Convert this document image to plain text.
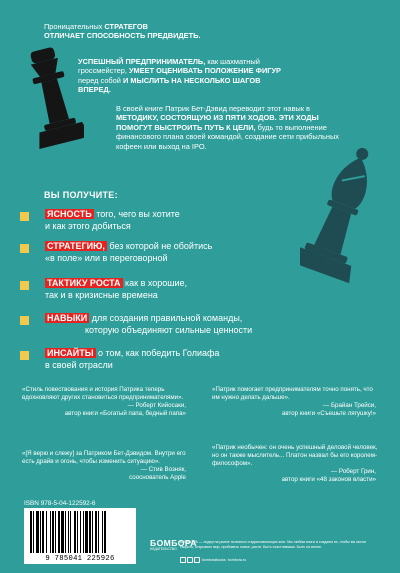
Проницательных СТРАТЕГОВ
ОТЛИЧАЕТ СПОСОБНОСТЬ ПРЕДВИДЕТЬ.
УСПЕШНЫЙ ПРЕДПРИНИМАТЕЛЬ, как шахматный гроссмейстер, УМЕЕТ ОЦЕНИВАТЬ ПОЛОЖЕНИЕ ФИГУР перед собой И МЫСЛИТЬ НА НЕСКОЛЬКО ШАГОВ ВПЕРЕД.
В своей книге Патрик Бет-Дэвид переводит этот навык в МЕТОДИКУ, СОСТОЯЩУЮ ИЗ ПЯТИ ХОДОВ. ЭТИ ХОДЫ ПОМОГУТ ВЫСТРОИТЬ ПУТЬ К ЦЕЛИ, будь то выполнение финансового плана своей командой, создание сети прибыльных кофеен или выход на IPO.
ВЫ ПОЛУЧИТЕ:
ЯСНОСТЬ того, чего вы хотите
и как этого добиться
СТРАТЕГИЮ, без которой не обойтись
«в поле» или в переговорной
ТАКТИКУ РОСТА как в хорошие,
так и в кризисные времена
НАВЫКИ для создания правильной команды,
которую объединяют сильные ценности
ИНСАЙТЫ о том, как победить Голиафа
в своей отрасли
«Стиль повествования и история Патрика теперь вдохновляют других становиться предпринимателями».
— Роберт Кийосаки,
автор книги «Богатый папа, бедный папа»
«Патрик помогает предпринимателям точно понять, что им нужно делать дальше».
— Брайан Трейси,
автор книги «Съешьте лягушку!»
«[Я верю и слежу] за Патриком Бет-Дэвидом. Внутри его есть драйв и огонь, чтобы изменить ситуацию».
— Стив Возняк,
сооснователь Apple
«Патрик необычен: он очень успешный деловой человек, но он также мыслитель... Платон назвал бы его королем-философом».
— Роберт Грин,
автор книги «48 законов власти»
ISBN 978-5-04-122592-6
9 785041 225926
БОМБОРА
ИЗДАТЕЛЬСТВО
БОМБОРА — лидер на рынке полезных и вдохновляющих книг. Мы любим книги и создаем их, чтобы вы могли творить, открывать мир, пробовать новое, расти. Быть счастливыми. Быть на волне.
bomborabooks bombora.ru
